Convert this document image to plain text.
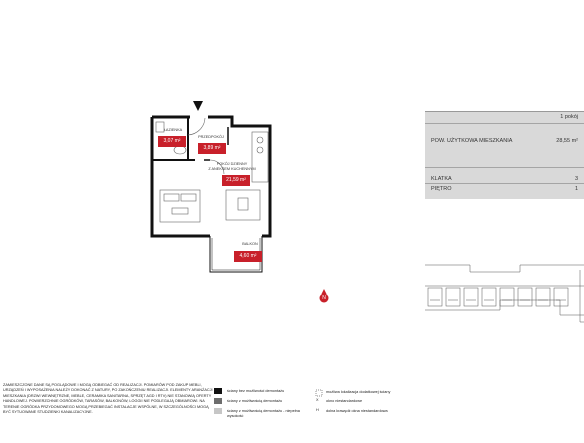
ŁAZIENKA
3,07 m²
PRZEDPOKÓJ
3,89 m²
POKÓJ DZIENNY
Z ANEKSEM KUCHENNYM
21,59 m²
BALKON
4,60 m²
N
1 pokój
POW. UŻYTKOWA MIESZKANIA	28,55 m²
KLATKA	3
PIĘTRO	1
ZAMIESZCZONE DANE SĄ POGLĄDOWE I MOGĄ ODBIEGAĆ OD REALIZACJI. POMIARÓW POD ZAKUP MEBLI, URZĄDZEŃ I WYPOSAŻENIA NALEŻY DOKONAĆ Z NATURY, PO ZAKOŃCZENIU REALIZACJI. ELEMENTY ARANŻACJI MIESZKANIA (DRZWI WEWNĘTRZNE, MEBLE, CERAMIKA SANITARNA, SPRZĘT AGD I RTV) NIE STANOWIĄ OFERTY HANDLOWEJ. POWIERZCHNIE OGRÓDKÓW, TARASÓW, BALKONÓW, LOGGII NIE PODLEGAJĄ OBMIAROWI. NA TERENIE OGRÓDKA PRZYDOMOWEGO MOGĄ PRZEBIEGAĆ INSTALACJE WSPÓLNE, W SZCZEGÓLNOŚCI MOGĄ BYĆ SYTUOWANE STUDZIENKI KANALIZACYJNE.
ściany bez możliwości demontażu
ściany z możliwością demontażu
ściany z możliwością demontażu - niepełna wysokość
możliwa lokalizacja dodatkowej ściany
X	okno niestandardowe
H	dolna krawędź okna niestandardowa
